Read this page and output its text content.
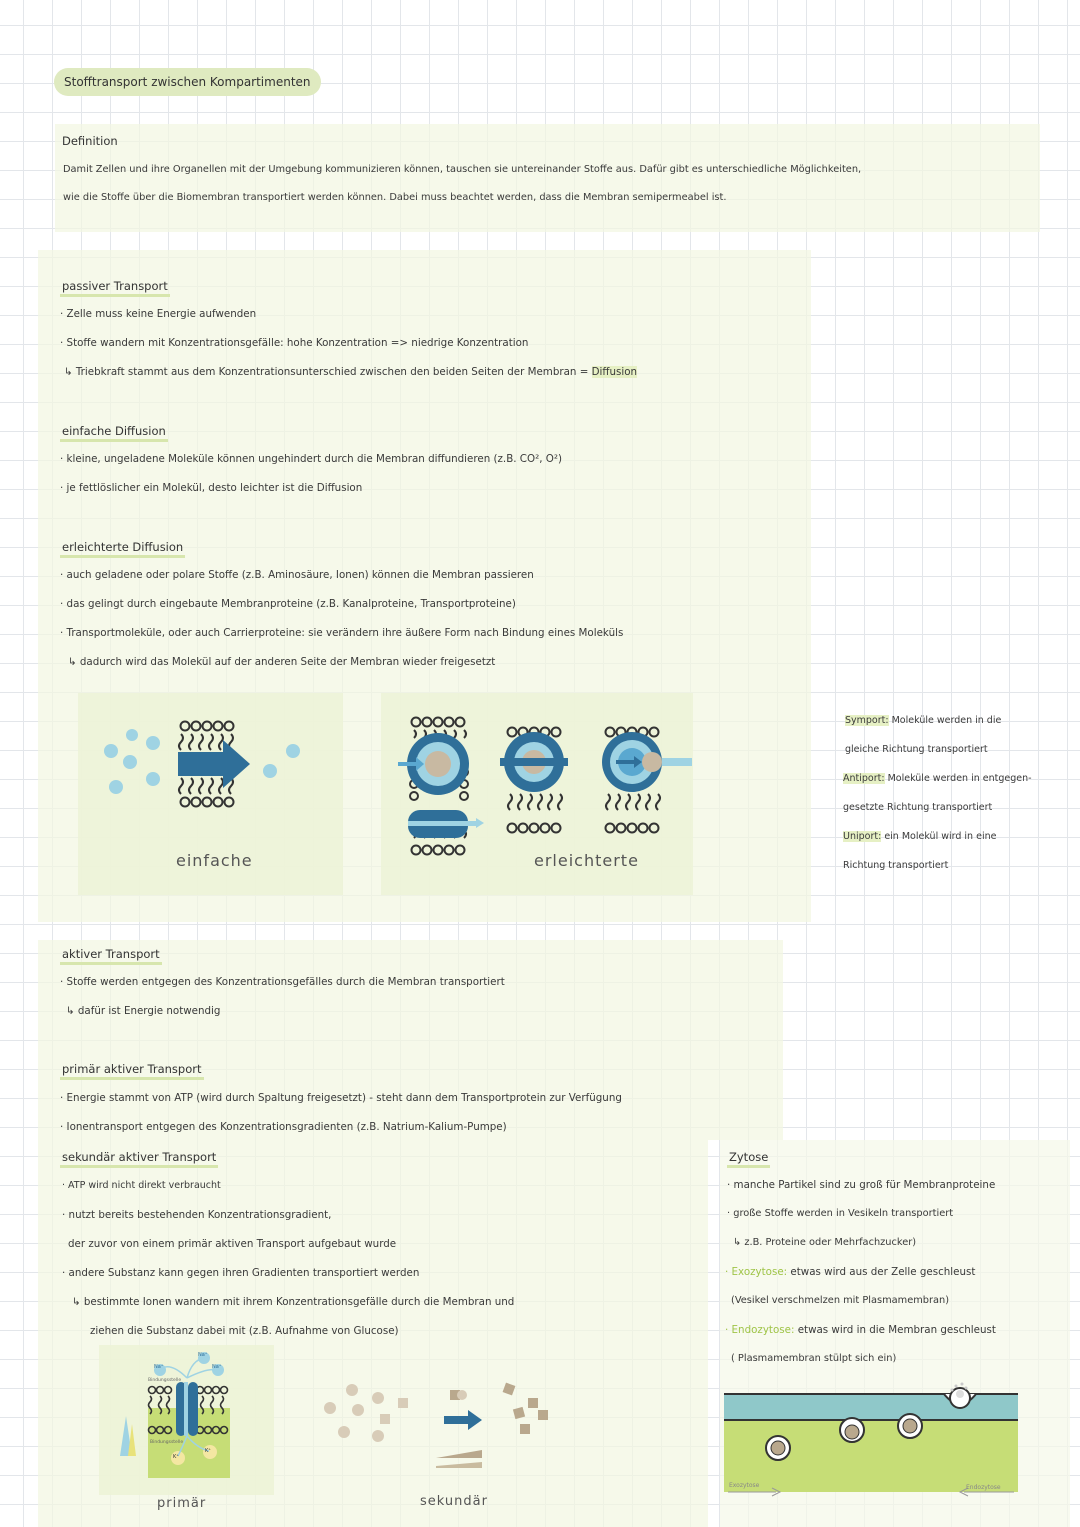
Stofftransport zwischen Kompartimenten
Definition
Damit Zellen und ihre Organellen mit der Umgebung kommunizieren können, tauschen sie untereinander Stoffe aus. Dafür gibt es unterschiedliche Möglichkeiten,
wie die Stoffe über die Biomembran transportiert werden können. Dabei muss beachtet werden, dass die Membran semipermeabel ist.
passiver Transport
· Zelle muss keine Energie aufwenden
· Stoffe wandern mit Konzentrationsgefälle: hohe Konzentration => niedrige Konzentration
↳ Triebkraft stammt aus dem Konzentrationsunterschied zwischen den beiden Seiten der Membran = Diffusion
einfache Diffusion
· kleine, ungeladene Moleküle können ungehindert durch die Membran diffundieren (z.B. CO², O²)
· je fettlöslicher ein Molekül, desto leichter ist die Diffusion
erleichterte Diffusion
· auch geladene oder polare Stoffe (z.B. Aminosäure, Ionen) können die Membran passieren
· das gelingt durch eingebaute Membranproteine (z.B. Kanalproteine, Transportproteine)
· Transportmoleküle, oder auch Carrierproteine: sie verändern ihre äußere Form nach Bindung eines Moleküls
↳ dadurch wird das Molekül auf der anderen Seite der Membran wieder freigesetzt
einfache	erleichterte
Symport: Moleküle werden in die
gleiche Richtung transportiert
Antiport: Moleküle werden in entgegen-
gesetzte Richtung transportiert
Uniport: ein Molekül wird in eine
Richtung transportiert
aktiver Transport
· Stoffe werden entgegen des Konzentrationsgefälles durch die Membran transportiert
↳ dafür ist Energie notwendig
primär aktiver Transport
· Energie stammt von ATP (wird durch Spaltung freigesetzt) - steht dann dem Transportprotein zur Verfügung
· Ionentransport entgegen des Konzentrationsgradienten (z.B. Natrium-Kalium-Pumpe)
sekundär aktiver Transport
· ATP wird nicht direkt verbraucht
· nutzt bereits bestehenden Konzentrationsgradient,
der zuvor von einem primär aktiven Transport aufgebaut wurde
· andere Substanz kann gegen ihren Gradienten transportiert werden
↳ bestimmte Ionen wandern mit ihrem Konzentrationsgefälle durch die Membran und
ziehen die Substanz dabei mit (z.B. Aufnahme von Glucose)
Na⁺
Na⁺
Na⁺
Bindungsstelle
Bindungsstelle
K⁺
K⁺
primär	sekundär
Zytose
· manche Partikel sind zu groß für Membranproteine
· große Stoffe werden in Vesikeln transportiert
↳ z.B. Proteine oder Mehrfachzucker)
· Exozytose: etwas wird aus der Zelle geschleust
(Vesikel verschmelzen mit Plasmamembran)
· Endozytose: etwas wird in die Membran geschleust
( Plasmamembran stülpt sich ein)
Exozytose	Endozytose
